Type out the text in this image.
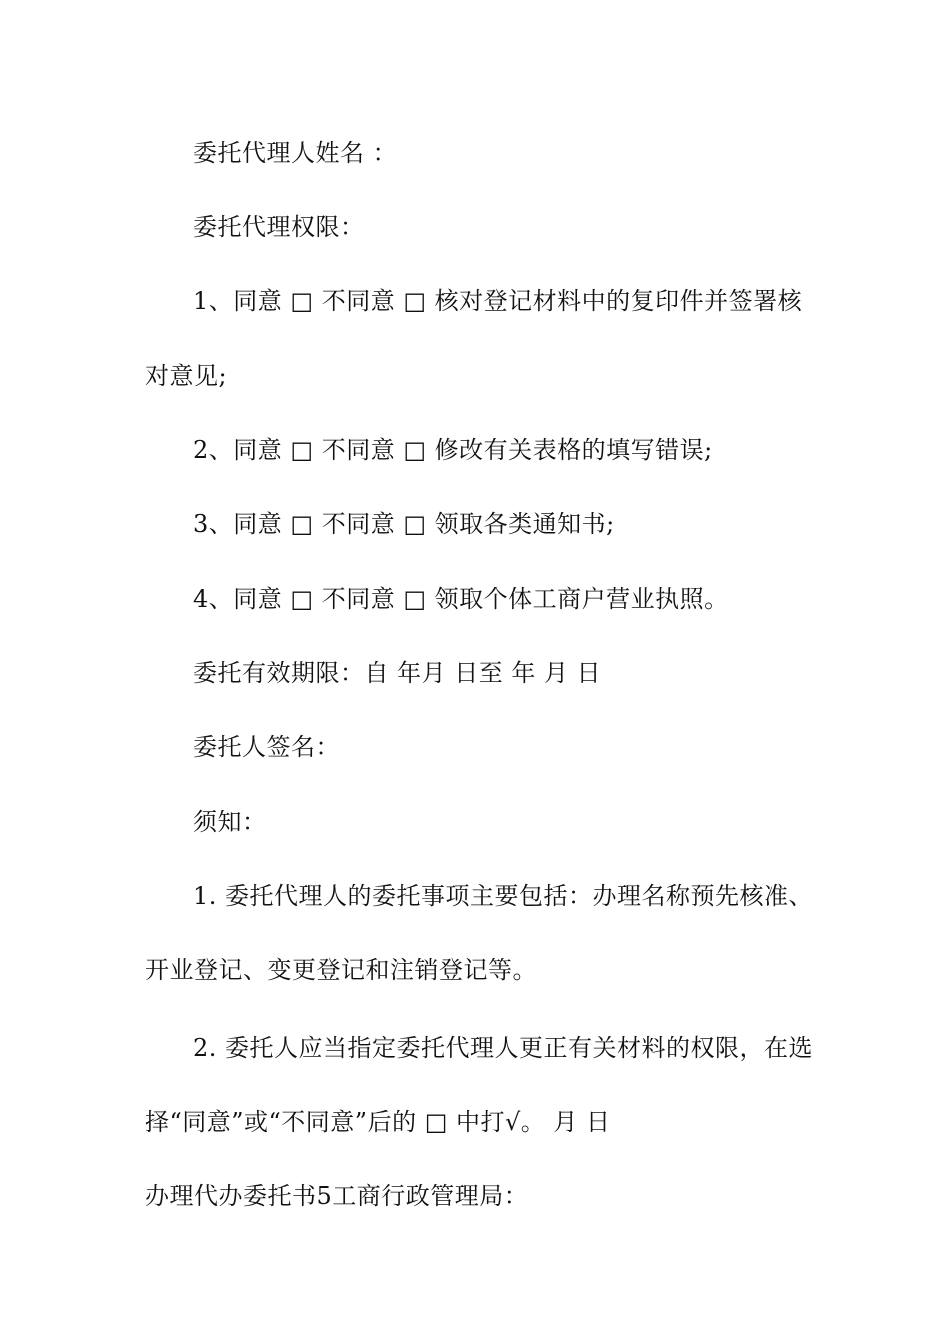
委托代理人姓名 ：
委托代理权限：
1、同意 □ 不同意 □ 核对登记材料中的复印件并签署核
对意见;
2、同意 □ 不同意 □ 修改有关表格的填写错误;
3、同意 □ 不同意 □ 领取各类通知书;
4、同意 □ 不同意 □ 领取个体工商户营业执照。
委托有效期限：自 年月 日至 年 月 日
委托人签名：
须知：
1. 委托代理人的委托事项主要包括：办理名称预先核准、
开业登记、变更登记和注销登记等。
2. 委托人应当指定委托代理人更正有关材料的权限，在选
择“同意”或“不同意”后的 □ 中打√。 月 日
办理代办委托书5工商行政管理局：
